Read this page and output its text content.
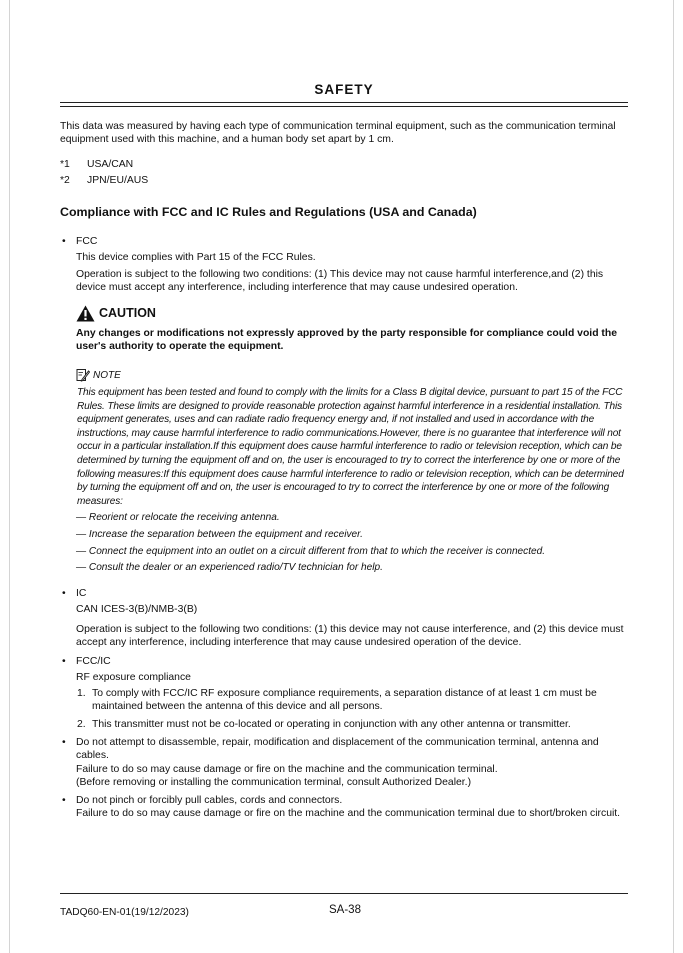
SAFETY
This data was measured by having each type of communication terminal equipment, such as the communication terminal equipment used with this machine, and a human body set apart by 1 cm.
*1 USA/CAN
*2 JPN/EU/AUS
Compliance with FCC and IC Rules and Regulations (USA and Canada)
• FCC
This device complies with Part 15 of the FCC Rules.
Operation is subject to the following two conditions: (1) This device may not cause harmful interference,and (2) this device must accept any interference, including interference that may cause undesired operation.
CAUTION
Any changes or modifications not expressly approved by the party responsible for compliance could void the user's authority to operate the equipment.
NOTE
This equipment has been tested and found to comply with the limits for a Class B digital device, pursuant to part 15 of the FCC Rules. These limits are designed to provide reasonable protection against harmful interference in a residential installation. This equipment generates, uses and can radiate radio frequency energy and, if not installed and used in accordance with the instructions, may cause harmful interference to radio communications.However, there is no guarantee that interference will not occur in a particular installation.If this equipment does cause harmful interference to radio or television reception, which can be determined by turning the equipment off and on, the user is encouraged to try to correct the interference by one or more of the following measures:If this equipment does cause harmful interference to radio or television reception, which can be determined by turning the equipment off and on, the user is encouraged to try to correct the interference by one or more of the following measures:
— Reorient or relocate the receiving antenna.
— Increase the separation between the equipment and receiver.
— Connect the equipment into an outlet on a circuit different from that to which the receiver is connected.
— Consult the dealer or an experienced radio/TV technician for help.
• IC
CAN ICES-3(B)/NMB-3(B)
Operation is subject to the following two conditions: (1) this device may not cause interference, and (2) this device must accept any interference, including interference that may cause undesired operation of the device.
• FCC/IC
RF exposure compliance
1. To comply with FCC/IC RF exposure compliance requirements, a separation distance of at least 1 cm must be maintained between the antenna of this device and all persons.
2. This transmitter must not be co-located or operating in conjunction with any other antenna or transmitter.
• Do not attempt to disassemble, repair, modification and displacement of the communication terminal, antenna and cables.
Failure to do so may cause damage or fire on the machine and the communication terminal.
(Before removing or installing the communication terminal, consult Authorized Dealer.)
• Do not pinch or forcibly pull cables, cords and connectors.
Failure to do so may cause damage or fire on the machine and the communication terminal due to short/broken circuit.
TADQ60-EN-01(19/12/2023)	SA-38
